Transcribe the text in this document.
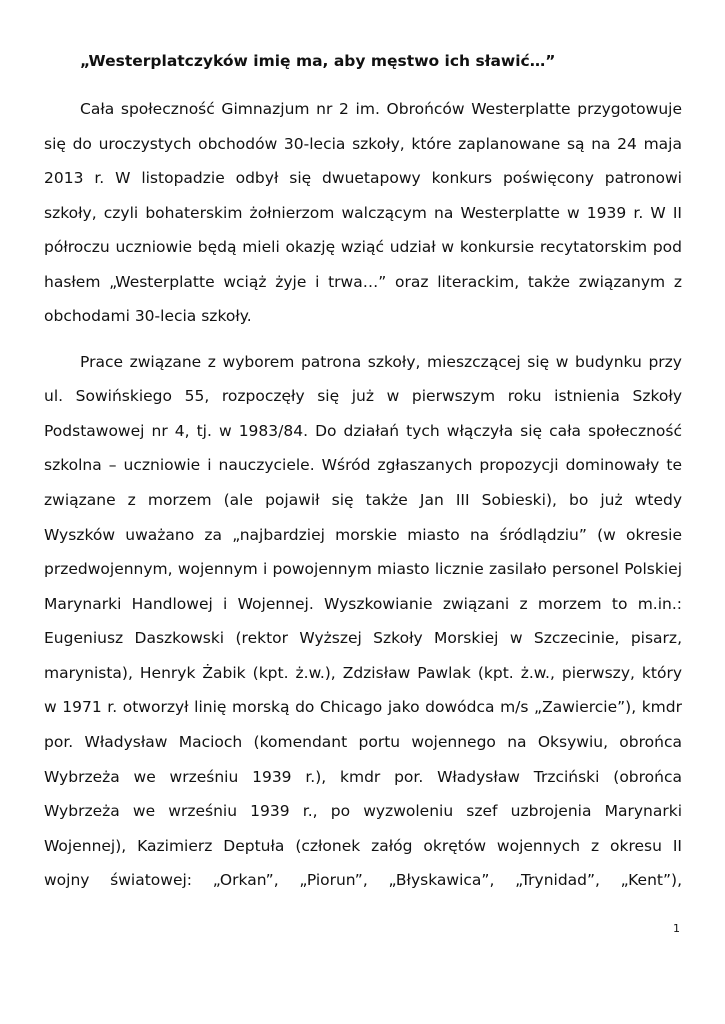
„Westerplatczyków imię ma, aby męstwo ich sławić…”

Cała społeczność Gimnazjum nr 2 im. Obrońców Westerplatte przygotowuje

się do uroczystych obchodów 30-lecia szkoły, które zaplanowane są na 24 maja

2013 r. W listopadzie odbył się dwuetapowy konkurs poświęcony patronowi

szkoły, czyli bohaterskim żołnierzom walczącym na Westerplatte w 1939 r. W II

półroczu uczniowie będą mieli okazję wziąć udział w konkursie recytatorskim pod

hasłem „Westerplatte wciąż żyje i trwa…” oraz literackim, także związanym z

obchodami 30-lecia szkoły.

Prace związane z wyborem patrona szkoły, mieszczącej się w budynku przy

ul. Sowińskiego 55, rozpoczęły się już w pierwszym roku istnienia Szkoły

Podstawowej nr 4, tj. w 1983/84. Do działań tych włączyła się cała społeczność

szkolna – uczniowie i nauczyciele. Wśród zgłaszanych propozycji dominowały te

związane z morzem (ale pojawił się także Jan III Sobieski), bo już wtedy

Wyszków uważano za „najbardziej morskie miasto na śródlądziu” (w okresie

przedwojennym, wojennym i powojennym miasto licznie zasilało personel Polskiej

Marynarki Handlowej i Wojennej. Wyszkowianie związani z morzem to m.in.:

Eugeniusz Daszkowski (rektor Wyższej Szkoły Morskiej w Szczecinie, pisarz,

marynista), Henryk Żabik (kpt. ż.w.), Zdzisław Pawlak (kpt. ż.w., pierwszy, który

w 1971 r. otworzył linię morską do Chicago jako dowódca m/s „Zawiercie”), kmdr

por. Władysław Macioch (komendant portu wojennego na Oksywiu, obrońca

Wybrzeża we wrześniu 1939 r.), kmdr por. Władysław Trzciński (obrońca

Wybrzeża we wrześniu 1939 r., po wyzwoleniu szef uzbrojenia Marynarki

Wojennej), Kazimierz Deptuła (członek załóg okrętów wojennych z okresu II

wojny światowej: „Orkan”, „Piorun”, „Błyskawica”, „Trynidad”, „Kent”),

1
